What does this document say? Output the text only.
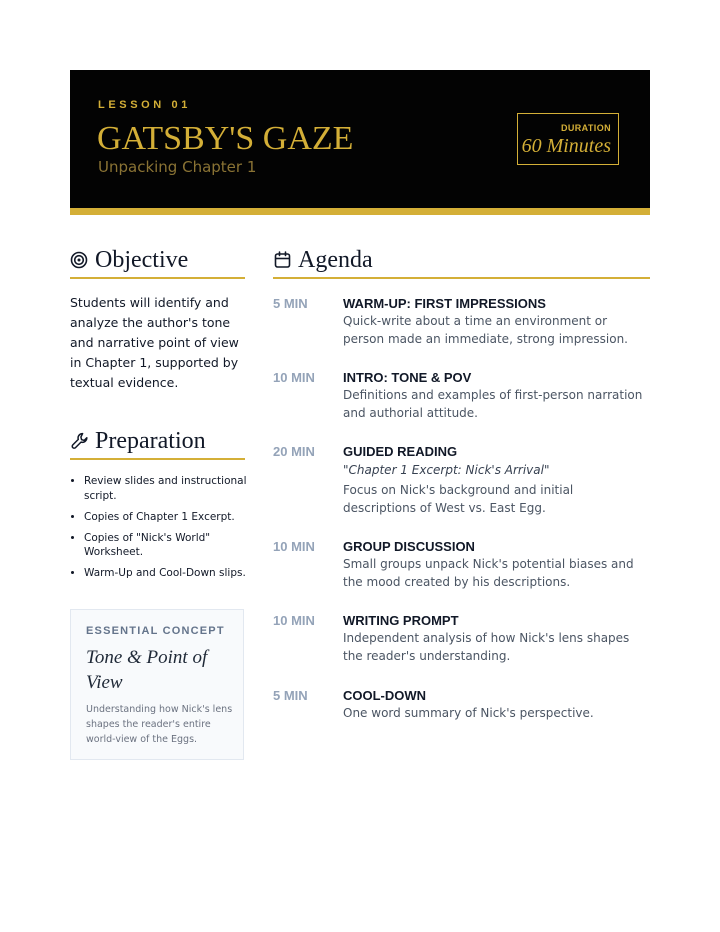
LESSON 01
GATSBY'S GAZE
Unpacking Chapter 1
DURATION
60 Minutes
Objective

Students will identify and analyze the author's tone and narrative point of view in Chapter 1, supported by textual evidence.

Preparation
• Review slides and instructional script.
• Copies of Chapter 1 Excerpt.
• Copies of "Nick's World" Worksheet.
• Warm-Up and Cool-Down slips.
ESSENTIAL CONCEPT
Tone & Point of View
Understanding how Nick's lens shapes the reader's entire world-view of the Eggs.
Agenda
5 MIN	WARM-UP: FIRST IMPRESSIONS
Quick-write about a time an environment or person made an immediate, strong impression.
10 MIN INTRO: TONE & POV
Definitions and examples of first-person narration and authorial attitude.
20 MIN GUIDED READING
"Chapter 1 Excerpt: Nick's Arrival"
Focus on Nick's background and initial descriptions of West vs. East Egg.
10 MIN GROUP DISCUSSION
Small groups unpack Nick's potential biases and the mood created by his descriptions.
10 MIN WRITING PROMPT
Independent analysis of how Nick's lens shapes the reader's understanding.
5 MIN	COOL-DOWN
One word summary of Nick's perspective.
